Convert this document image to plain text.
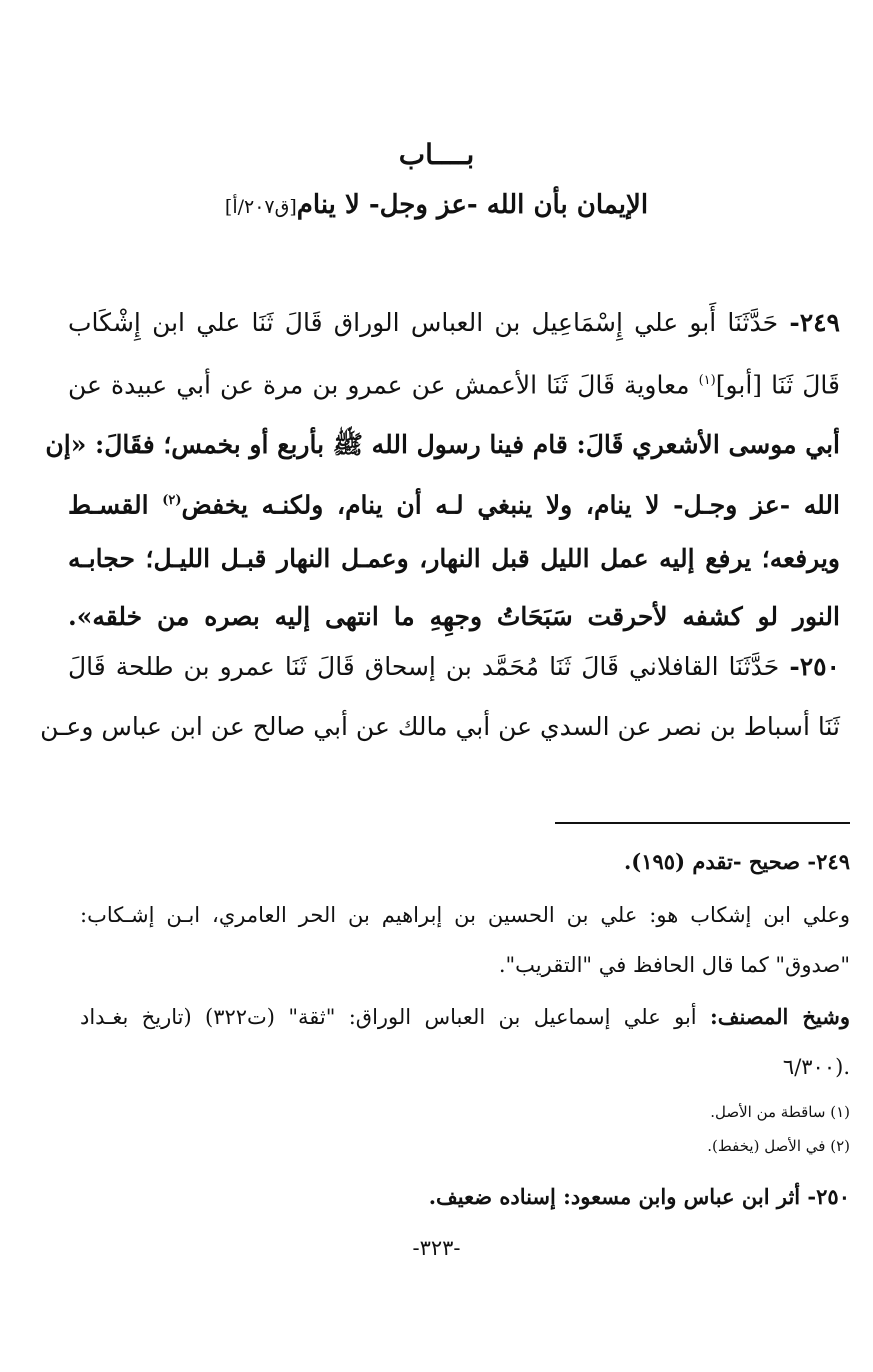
بــــاب
الإيمان بأن الله -عز وجل- لا ينام[ق٢٠٧/أ]
٢٤٩- حَدَّثَنَا أَبو علي إِسْمَاعِيل بن العباس الوراق قَالَ ثَنَا علي ابن إِشْكَاب
قَالَ ثَنَا [أبو]$^{(١)}$ معاوية قَالَ ثَنَا الأعمش عن عمرو بن مرة عن أبي عبيدة عن
أبي موسى الأشعري قَالَ: قام فينا رسول الله ﷺ بأربع أو بخمس؛ فقَالَ: «إن
الله -عز وجـل- لا ينام، ولا ينبغي لـه أن ينام، ولكنـه يخفض$^{(٢)}$ القسـط
ويرفعه؛ يرفع إليه عمل الليل قبل النهار، وعمـل النهار قبـل الليـل؛ حجابـه
النور لو كشفه لأحرقت سَبَحَاتُ وجهِهِ ما انتهى إليه بصره من خلقه».
٢٥٠- حَدَّثَنَا القافلاني قَالَ ثَنَا مُحَمَّد بن إسحاق قَالَ ثَنَا عمرو بن طلحة قَالَ
ثَنَا أسباط بن نصر عن السدي عن أبي مالك عن أبي صالح عن ابن عباس وعـن
٢٤٩- صحيح -تقدم (١٩٥).
وعلي ابن إشكاب هو: علي بن الحسين بن إبراهيم بن الحر العامري، ابـن إشـكاب:
"صدوق" كما قال الحافظ في "التقريب".
وشيخ المصنف: أبو علي إسماعيل بن العباس الوراق: "ثقة" (ت٣٢٢) (تاريخ بغـداد
٦/٣٠٠).
(١) ساقطة من الأصل.
(٢) في الأصل (يخفط).
٢٥٠- أثر ابن عباس وابن مسعود: إسناده ضعيف.
-٣٢٣-
